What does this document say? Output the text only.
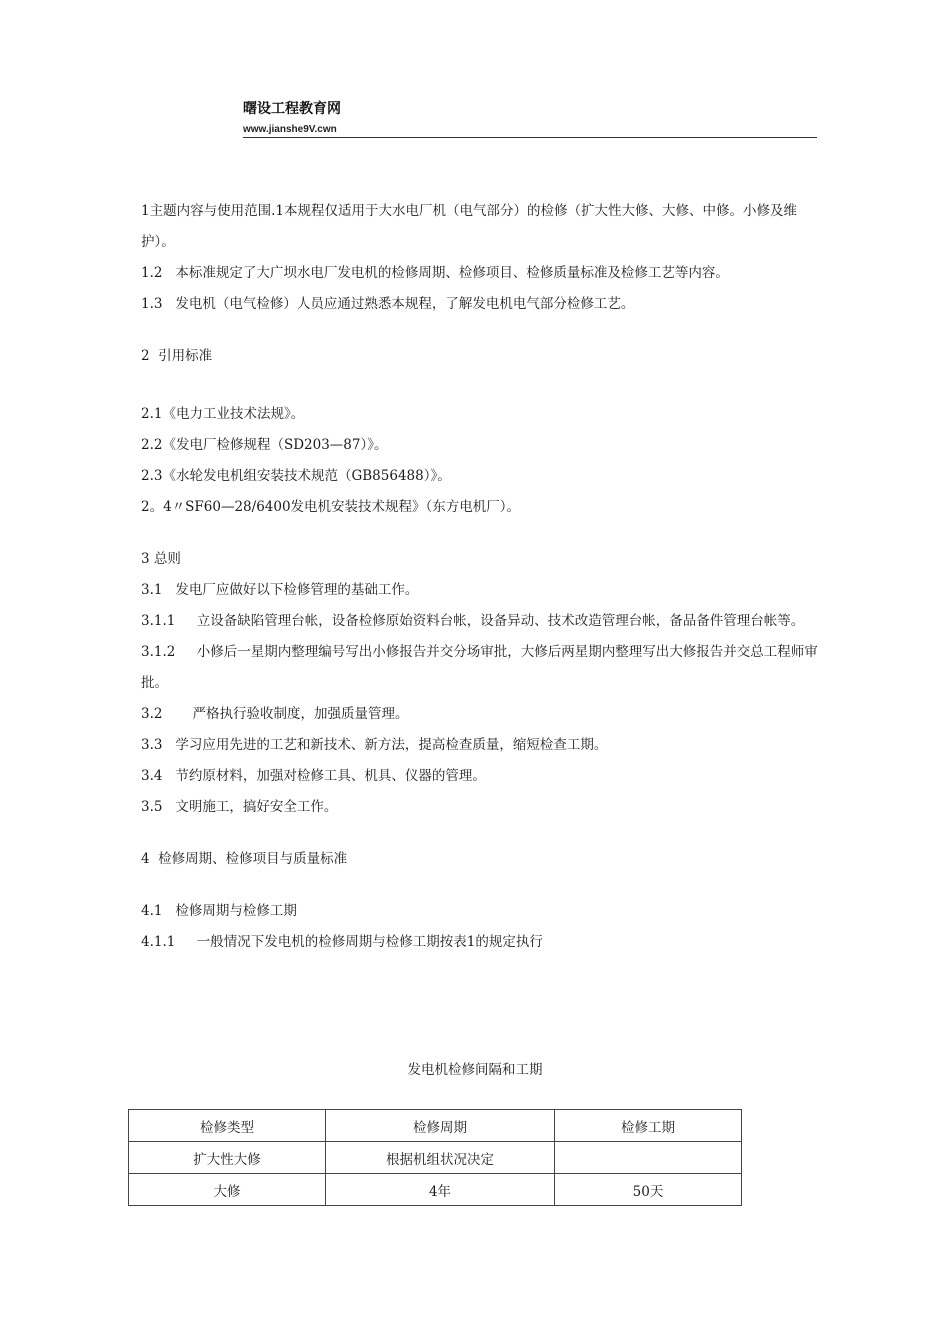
曙设工程教育网
www.jianshe9V.cwn
1主题内容与使用范围.1本规程仅适用于大水电厂机（电气部分）的检修（扩大性大修、大修、中修。小修及维护）。
1.2   本标准规定了大广坝水电厂发电机的检修周期、检修项目、检修质量标准及检修工艺等内容。
1.3   发电机（电气检修）人员应通过熟悉本规程，了解发电机电气部分检修工艺。
2  引用标准
2.1《电力工业技术法规》。
2.2《发电厂检修规程（SD203—87）》。
2.3《水轮发电机组安装技术规范（GB856488）》。
2。4〃SF60—28/6400发电机安装技术规程》（东方电机厂）。
3 总则
3.1   发电厂应做好以下检修管理的基础工作。
3.1.1     立设备缺陷管理台帐，设备检修原始资料台帐，设备异动、技术改造管理台帐，备品备件管理台帐等。
3.1.2     小修后一星期内整理编号写出小修报告并交分场审批，大修后两星期内整理写出大修报告并交总工程师审批。
3.2       严格执行验收制度，加强质量管理。
3.3   学习应用先进的工艺和新技术、新方法，提高检查质量，缩短检查工期。
3.4   节约原材料，加强对检修工具、机具、仪器的管理。
3.5   文明施工，搞好安全工作。
4  检修周期、检修项目与质量标准
4.1   检修周期与检修工期
4.1.1     一般情况下发电机的检修周期与检修工期按表1的规定执行
发电机检修间隔和工期
检修类型	检修周期	检修工期
扩大性大修	根据机组状况决定	
大修	4年	50天
